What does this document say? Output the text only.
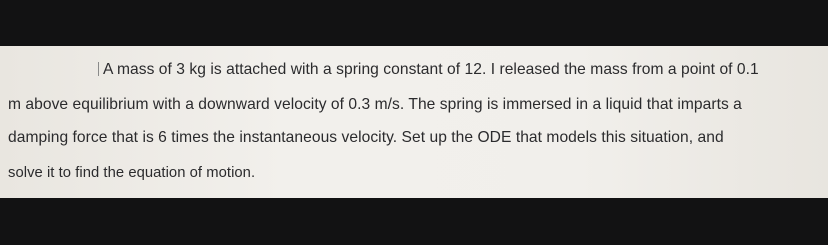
A mass of 3 kg is attached with a spring constant of 12. I released the mass from a point of 0.1
m above equilibrium with a downward velocity of 0.3 m/s. The spring is immersed in a liquid that imparts a
damping force that is 6 times the instantaneous velocity. Set up the ODE that models this situation, and
solve it to find the equation of motion.
